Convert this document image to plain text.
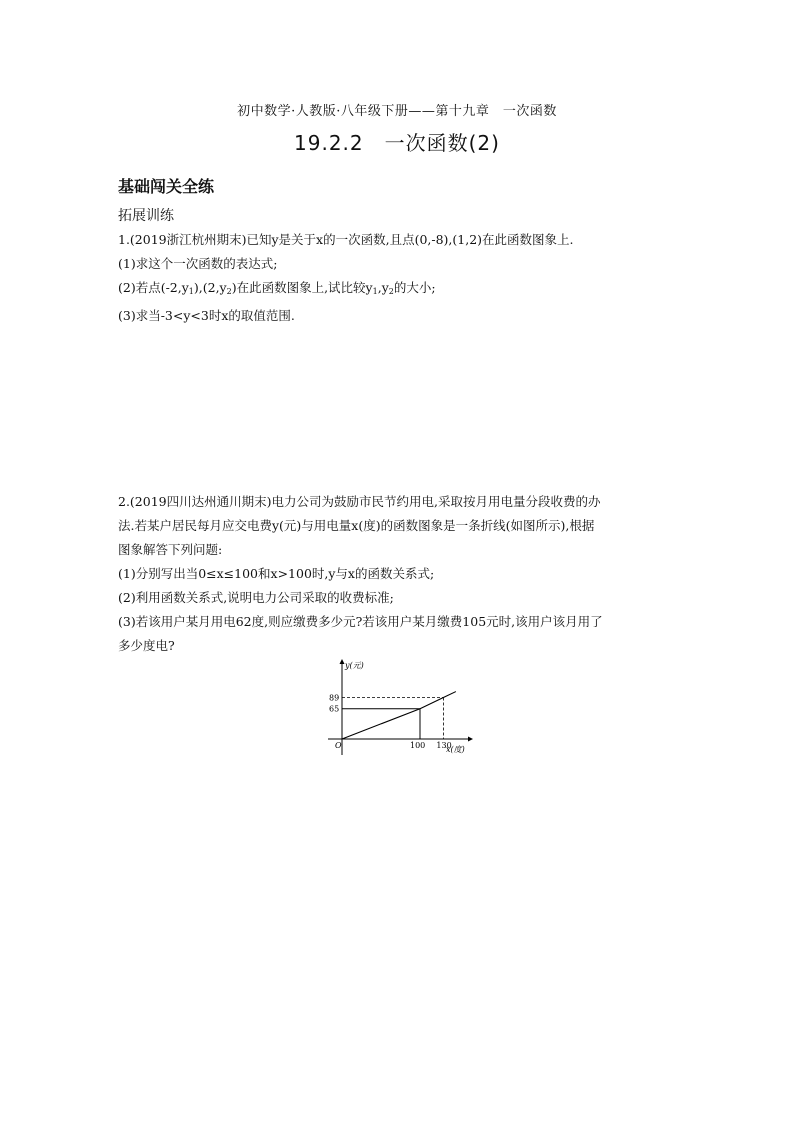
初中数学·人教版·八年级下册——第十九章　一次函数
19.2.2　一次函数(2)
基础闯关全练
拓展训练

1.(2019浙江杭州期末)已知y是关于x的一次函数,且点(0,-8),(1,2)在此函数图象上.

(1)求这个一次函数的表达式;

(2)若点$(-2,y_1),(2,y_2)$在此函数图象上,试比较$y_1,y_2$的大小;

(3)求当-3<y<3时x的取值范围.

2.(2019四川达州通川期末)电力公司为鼓励市民节约用电,采取按月用电量分段收费的办

法.若某户居民每月应交电费y(元)与用电量x(度)的函数图象是一条折线(如图所示),根据

图象解答下列问题:

(1)分别写出当0≤x≤100和x>100时,y与x的函数关系式;

(2)利用函数关系式,说明电力公司采取的收费标准;

(3)若该用户某月用电62度,则应缴费多少元?若该用户某月缴费105元时,该用户该月用了

多少度电?

y(元)
x(度)
O	100 130
65
89
